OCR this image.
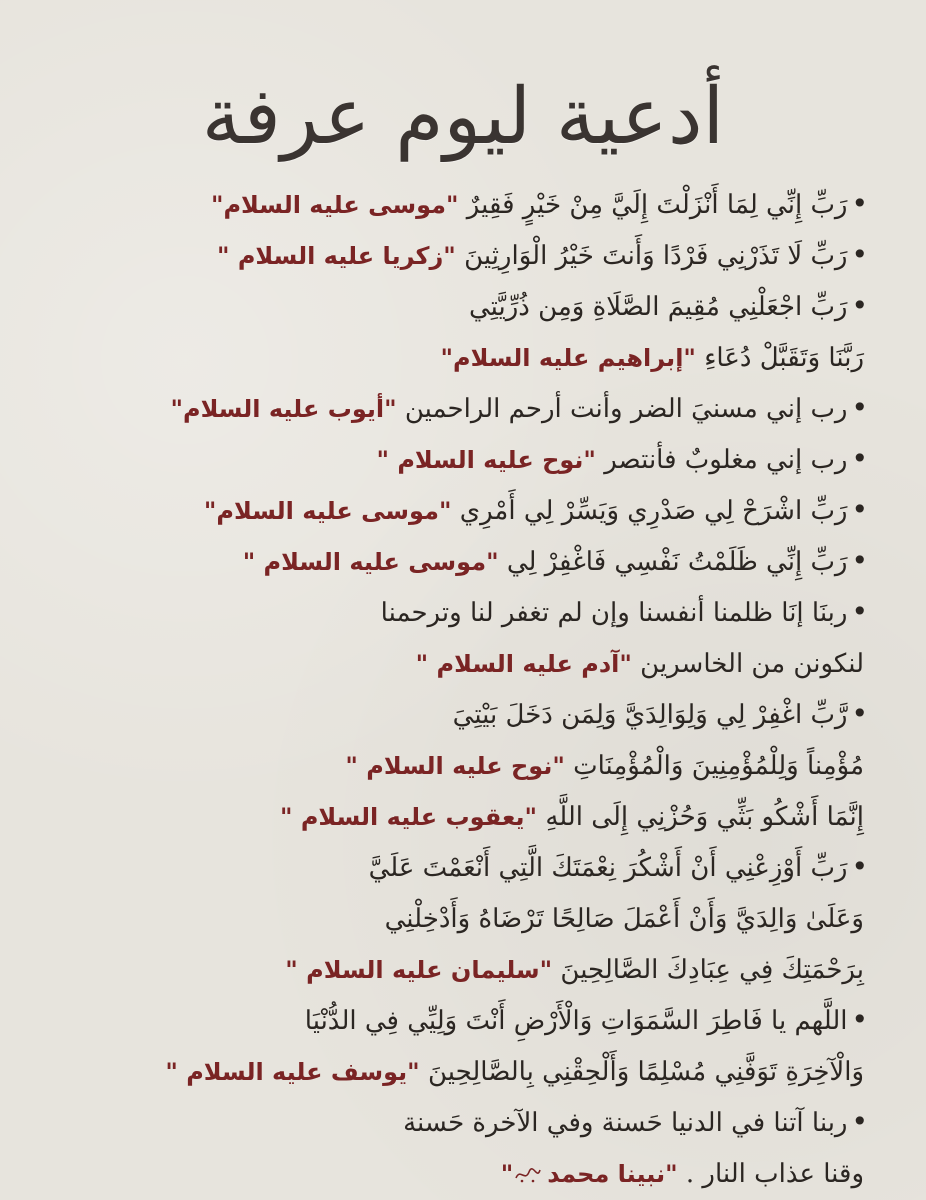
أدعية ليوم عرفة
•رَبِّ إِنِّي لِمَا أَنْزَلْتَ إِلَيَّ مِنْ خَيْرٍ فَقِيرٌ "موسى عليه السلام"
•رَبِّ لَا تَذَرْنِي فَرْدًا وَأَنتَ خَيْرُ الْوَارِثِينَ "زكريا عليه السلام "
•رَبِّ اجْعَلْنِي مُقِيمَ الصَّلَاةِ وَمِن ذُرِّيَّتِي
رَبَّنَا وَتَقَبَّلْ دُعَاءِ "إبراهيم عليه السلام"
•رب إني مسنيَ الضر وأنت أرحم الراحمين "أيوب عليه السلام"
•رب إني مغلوبٌ فأنتصر "نوح عليه السلام "
•رَبِّ اشْرَحْ لِي صَدْرِي وَيَسِّرْ لِي أَمْرِي "موسى عليه السلام"
•رَبِّ إِنِّي ظَلَمْتُ نَفْسِي فَاغْفِرْ لِي "موسى عليه السلام "
•ربنَا إنَا ظلمنا أنفسنا وإن لم تغفر لنا وترحمنا
لنكونن من الخاسرين "آدم عليه السلام "
•رَّبِّ اغْفِرْ لِي وَلِوَالِدَيَّ وَلِمَن دَخَلَ بَيْتِيَ
مُؤْمِناً وَلِلْمُؤْمِنِينَ وَالْمُؤْمِنَاتِ "نوح عليه السلام "
إِنَّمَا أَشْكُو بَثِّي وَحُزْنِي إِلَى اللَّهِ "يعقوب عليه السلام "
•رَبِّ أَوْزِعْنِي أَنْ أَشْكُرَ نِعْمَتَكَ الَّتِي أَنْعَمْتَ عَلَيَّ
وَعَلَىٰ وَالِدَيَّ وَأَنْ أَعْمَلَ صَالِحًا تَرْضَاهُ وَأَدْخِلْنِي
بِرَحْمَتِكَ فِي عِبَادِكَ الصَّالِحِينَ "سليمان عليه السلام "
•اللَّهم يا فَاطِرَ السَّمَوَاتِ وَالْأَرْضِ أَنْتَ وَلِيِّي فِي الدُّنْيَا
وَالْآخِرَةِ تَوَفَّنِي مُسْلِمًا وَأَلْحِقْنِي بِالصَّالِحِينَ "يوسف عليه السلام "
•ربنا آتنا في الدنيا حَسنة وفي الآخرة حَسنة
وقنا عذاب النار . "نبينا محمد"
